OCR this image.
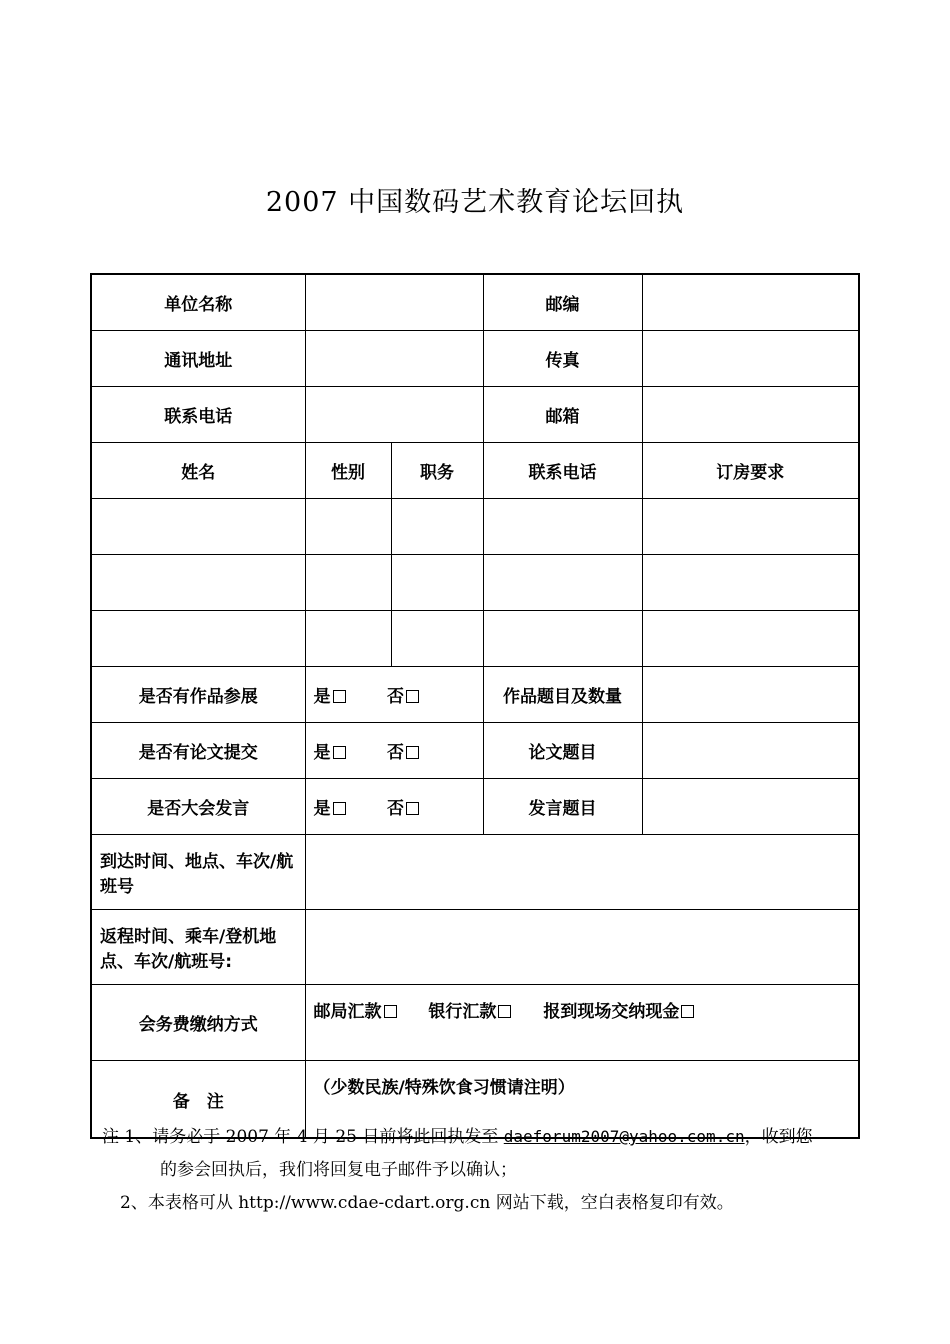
2007 中国数码艺术教育论坛回执
单位名称			邮编	
通讯地址			传真	
联系电话			邮箱	
姓名	性别	职务	联系电话	订房要求

是否有作品参展	是 否		作品题目及数量	
是否有论文提交	是 否		论文题目	
是否大会发言	是 否		发言题目	
到达时间、地点、车次/航班号				
返程时间、乘车/登机地点、车次/航班号:				
会务费缴纳方式	邮局汇款 银行汇款 报到现场交纳现金			
备　注	（少数民族/特殊饮食习惯请注明）			
注 1、请务必于 2007 年 4 月 25 日前将此回执发至 daeforum2007@yahoo.com.cn，收到您
的参会回执后，我们将回复电子邮件予以确认；
2、本表格可从 http://www.cdae-cdart.org.cn 网站下载，空白表格复印有效。
